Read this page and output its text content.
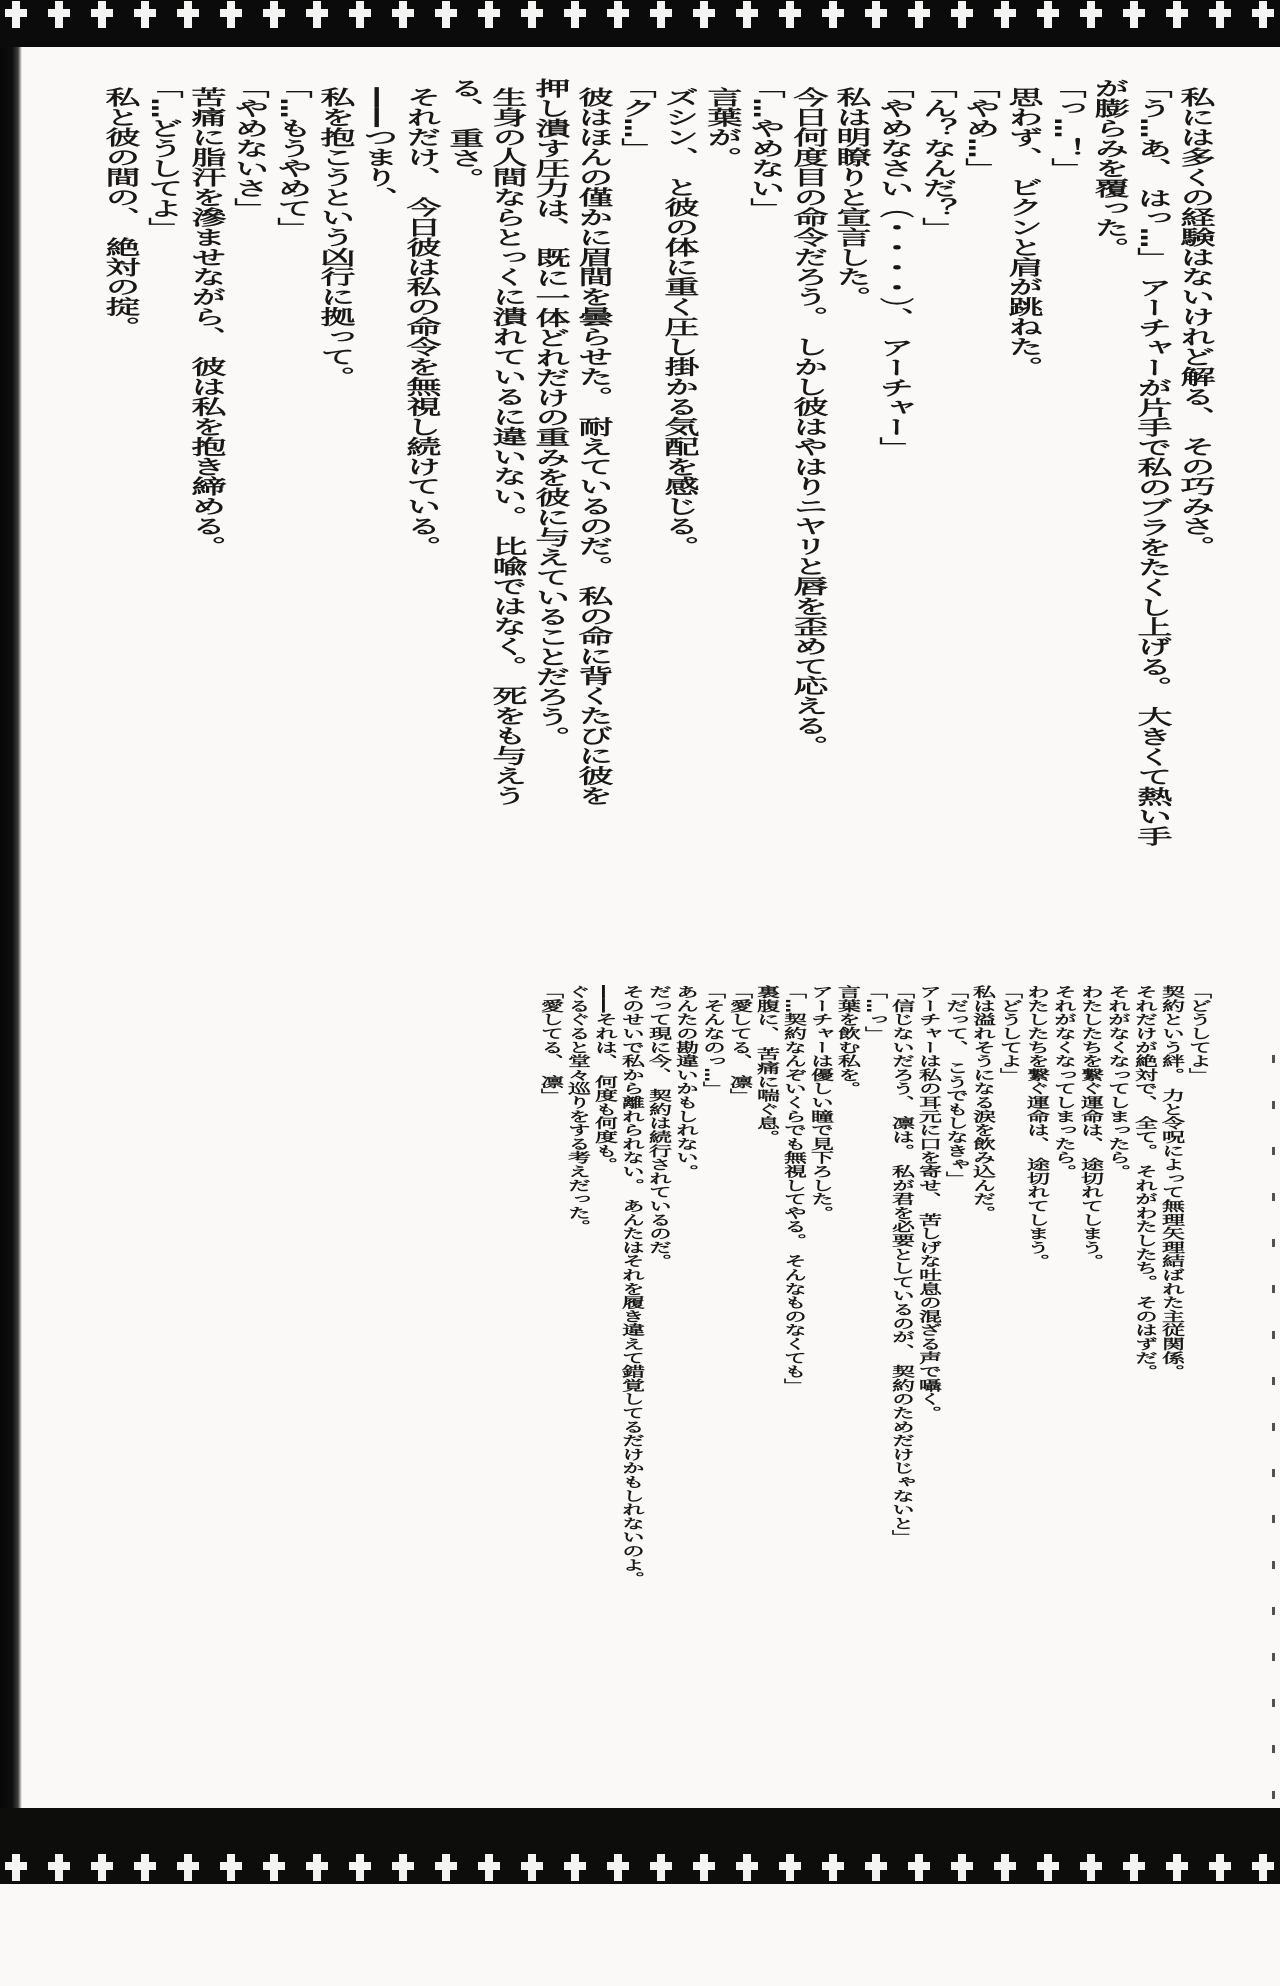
私には多くの経験はないけれど解る、　その巧みさ。
「う…あ、　はっ…」　アーチャーが片手で私のブラをたくし上げる。　大きくて熱い手
が膨らみを覆った。
「っ…！」
思わず、　ビクンと肩が跳ねた。
「やめ…」
「ん？なんだ？」
「やめなさい（・・・・）、　アーチャー」
私は明瞭りと宣言した。
今日何度目の命令だろう。　しかし彼はやはりニヤリと唇を歪めて応える。
「…やめない」
言葉が。
ズシン、　と彼の体に重く圧し掛かる気配を感じる。
「ク…」
彼はほんの僅かに眉間を曇らせた。　耐えているのだ。　私の命に背くたびに彼を
押し潰す圧力は、　既に一体どれだけの重みを彼に与えていることだろう。
生身の人間ならとっくに潰れているに違いない。　比喩ではなく。　死をも与えう
る、　重さ。
それだけ、　今日彼は私の命令を無視し続けている。
――つまり、
私を抱こうという凶行に拠って。
「…もうやめて」
「やめないさ」
苦痛に脂汗を滲ませながら、　彼は私を抱き締める。
「…どうしてよ」
私と彼の間の、　絶対の掟。
「どうしてよ」
契約という絆。　力と令呪によって無理矢理結ばれた主従関係。
それだけが絶対で、　全て。　それがわたしたち。　そのはずだ。
それがなくなってしまったら。
わたしたちを繋ぐ運命は、　途切れてしまう。
それがなくなってしまったら。
わたしたちを繋ぐ運命は、　途切れてしまう。
「どうしてよ」
私は溢れそうになる涙を飲み込んだ。
「だって、　こうでもしなきゃ」
アーチャーは私の耳元に口を寄せ、　苦しげな吐息の混ざる声で囁く。
「信じないだろう、　凛は。　私が君を必要としているのが、　契約のためだけじゃないと」
「…っ」
言葉を飲む私を。
アーチャーは優しい瞳で見下ろした。
「…契約なんぞいくらでも無視してやる。　そんなものなくても」
裏腹に、　苦痛に喘ぐ息。
「愛してる、　凛」
「そんなのっ…」
あんたの勘違いかもしれない。
だって現に今、　契約は続行されているのだ。
そのせいで私から離れられない。　あんたはそれを履き違えて錯覚してるだけかもしれないのよ。
――それは、　何度も何度も。
ぐるぐると堂々巡りをする考えだった。
「愛してる、　凛」
